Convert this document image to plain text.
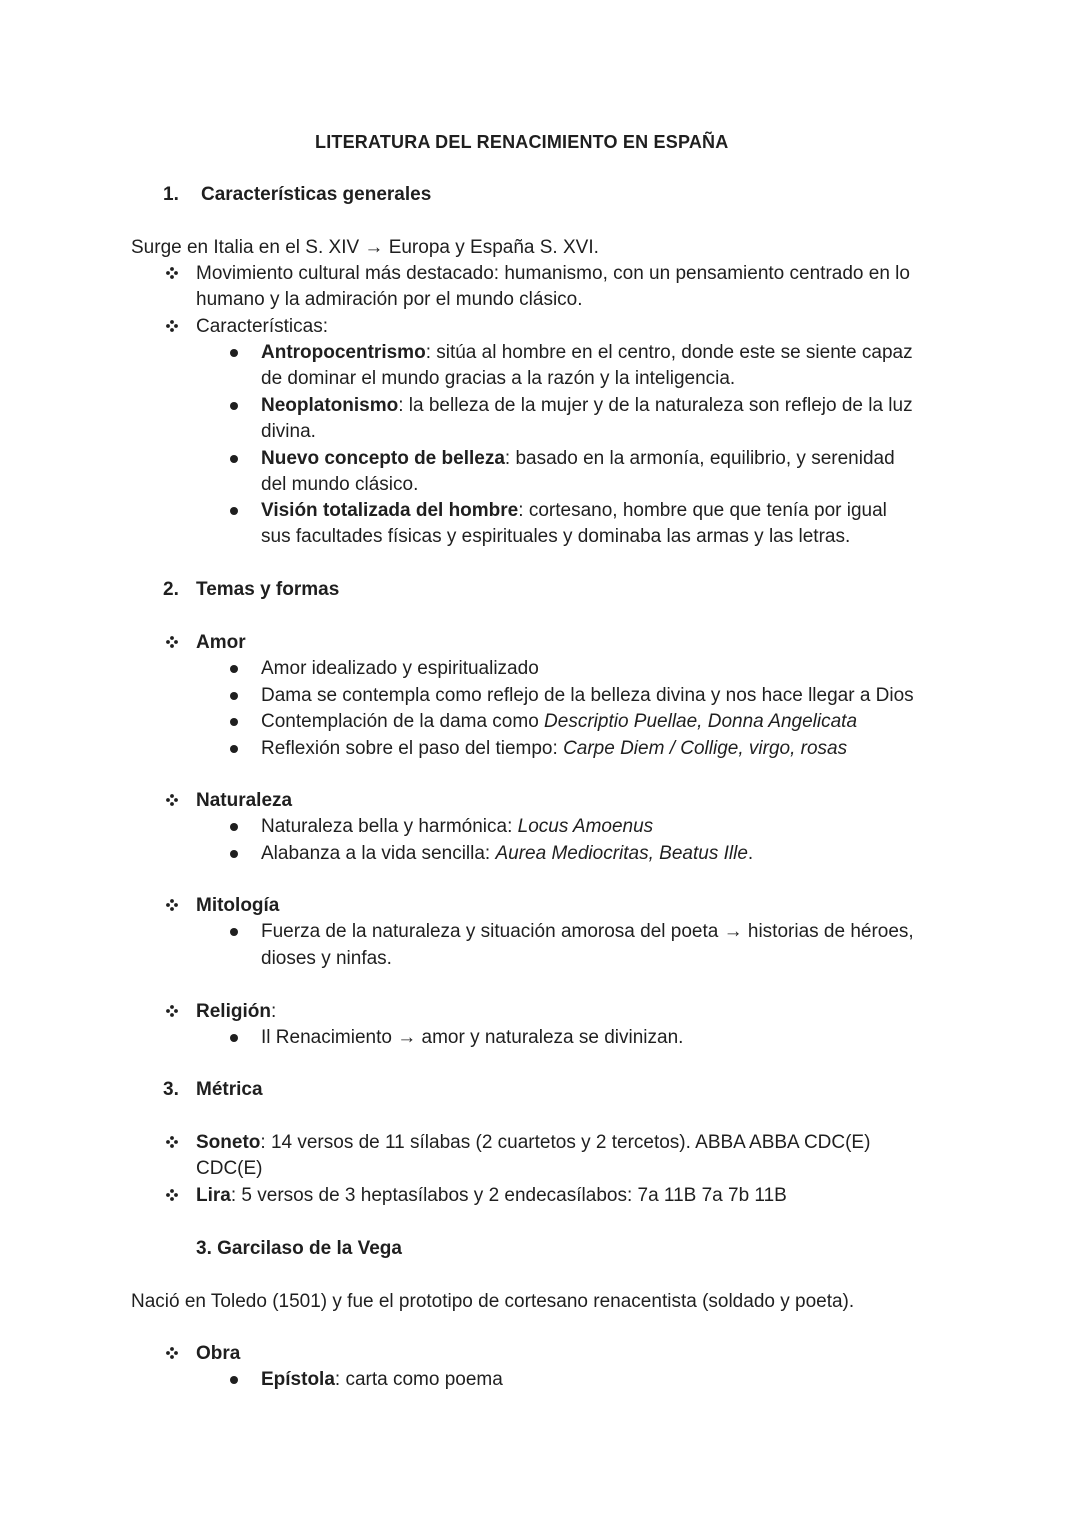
LITERATURA DEL RENACIMIENTO EN ESPAÑA
1. Características generales
Surge en Italia en el S. XIV → Europa y España S. XVI.
Movimiento cultural más destacado: humanismo, con un pensamiento centrado en lo
humano y la admiración por el mundo clásico.
Características:
Antropocentrismo: sitúa al hombre en el centro, donde este se siente capaz
de dominar el mundo gracias a la razón y la inteligencia.
Neoplatonismo: la belleza de la mujer y de la naturaleza son reflejo de la luz
divina.
Nuevo concepto de belleza: basado en la armonía, equilibrio, y serenidad
del mundo clásico.
Visión totalizada del hombre: cortesano, hombre que que tenía por igual
sus facultades físicas y espirituales y dominaba las armas y las letras.
2. Temas y formas
Amor
Amor idealizado y espiritualizado
Dama se contempla como reflejo de la belleza divina y nos hace llegar a Dios
Contemplación de la dama como Descriptio Puellae, Donna Angelicata
Reflexión sobre el paso del tiempo: Carpe Diem / Collige, virgo, rosas
Naturaleza
Naturaleza bella y harmónica: Locus Amoenus
Alabanza a la vida sencilla: Aurea Mediocritas, Beatus Ille.
Mitología
Fuerza de la naturaleza y situación amorosa del poeta → historias de héroes,
dioses y ninfas.
Religión:
Il Renacimiento → amor y naturaleza se divinizan.
3. Métrica
Soneto: 14 versos de 11 sílabas (2 cuartetos y 2 tercetos). ABBA ABBA CDC(E)
CDC(E)
Lira: 5 versos de 3 heptasílabos y 2 endecasílabos: 7a 11B 7a 7b 11B
3. Garcilaso de la Vega
Nació en Toledo (1501) y fue el prototipo de cortesano renacentista (soldado y poeta).
Obra
Epístola: carta como poema
